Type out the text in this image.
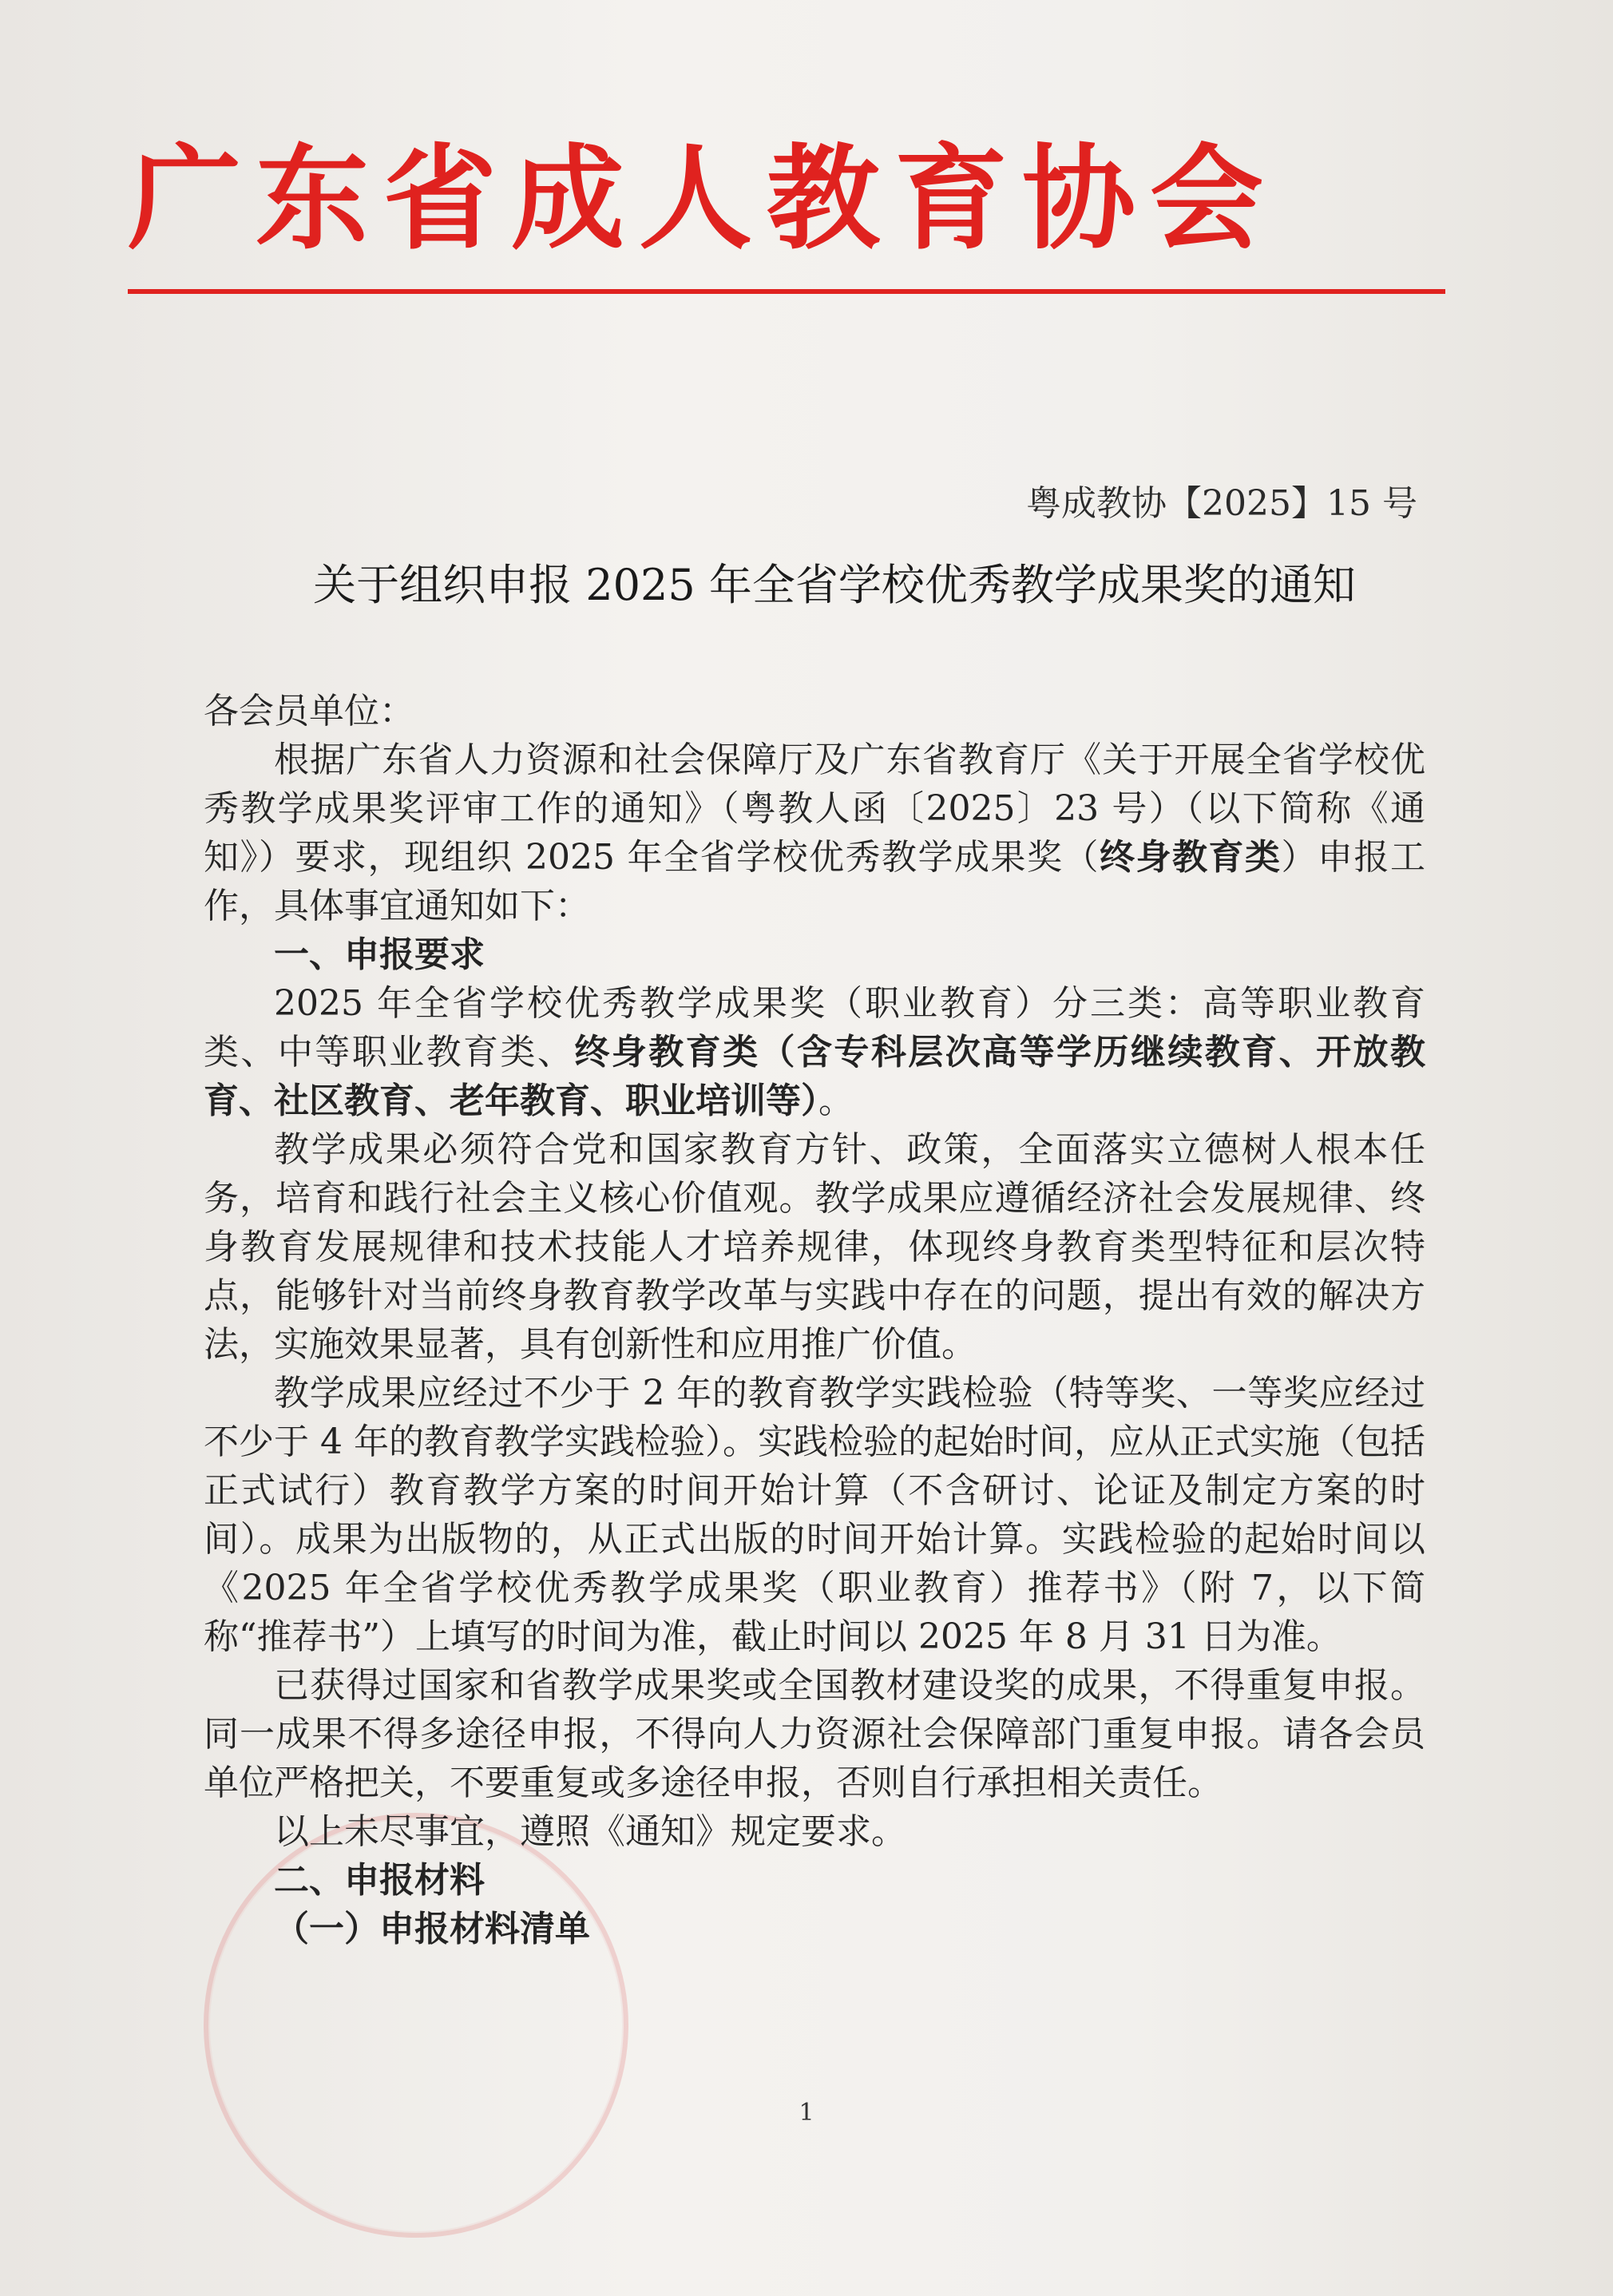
广东省成人教育协会
粤成教协【2025】15 号
关于组织申报 2025 年全省学校优秀教学成果奖的通知

各会员单位：

根据广东省人力资源和社会保障厅及广东省教育厅《关于开展全省学校优秀教学成果奖评审工作的通知》（粤教人函〔2025〕23 号）（以下简称《通知》）要求，现组织 2025 年全省学校优秀教学成果奖（终身教育类）申报工作，具体事宜通知如下：

一、申报要求

2025 年全省学校优秀教学成果奖（职业教育）分三类：高等职业教育类、中等职业教育类、终身教育类（含专科层次高等学历继续教育、开放教育、社区教育、老年教育、职业培训等）。

教学成果必须符合党和国家教育方针、政策，全面落实立德树人根本任务，培育和践行社会主义核心价值观。教学成果应遵循经济社会发展规律、终身教育发展规律和技术技能人才培养规律，体现终身教育类型特征和层次特点，能够针对当前终身教育教学改革与实践中存在的问题，提出有效的解决方法，实施效果显著，具有创新性和应用推广价值。

教学成果应经过不少于 2 年的教育教学实践检验（特等奖、一等奖应经过不少于 4 年的教育教学实践检验）。实践检验的起始时间，应从正式实施（包括正式试行）教育教学方案的时间开始计算（不含研讨、论证及制定方案的时间）。成果为出版物的，从正式出版的时间开始计算。实践检验的起始时间以《2025 年全省学校优秀教学成果奖（职业教育）推荐书》（附 7，以下简称“推荐书”）上填写的时间为准，截止时间以 2025 年 8 月 31 日为准。

已获得过国家和省教学成果奖或全国教材建设奖的成果，不得重复申报。同一成果不得多途径申报，不得向人力资源社会保障部门重复申报。请各会员单位严格把关，不要重复或多途径申报，否则自行承担相关责任。

以上未尽事宜，遵照《通知》规定要求。

二、申报材料

（一）申报材料清单

1
